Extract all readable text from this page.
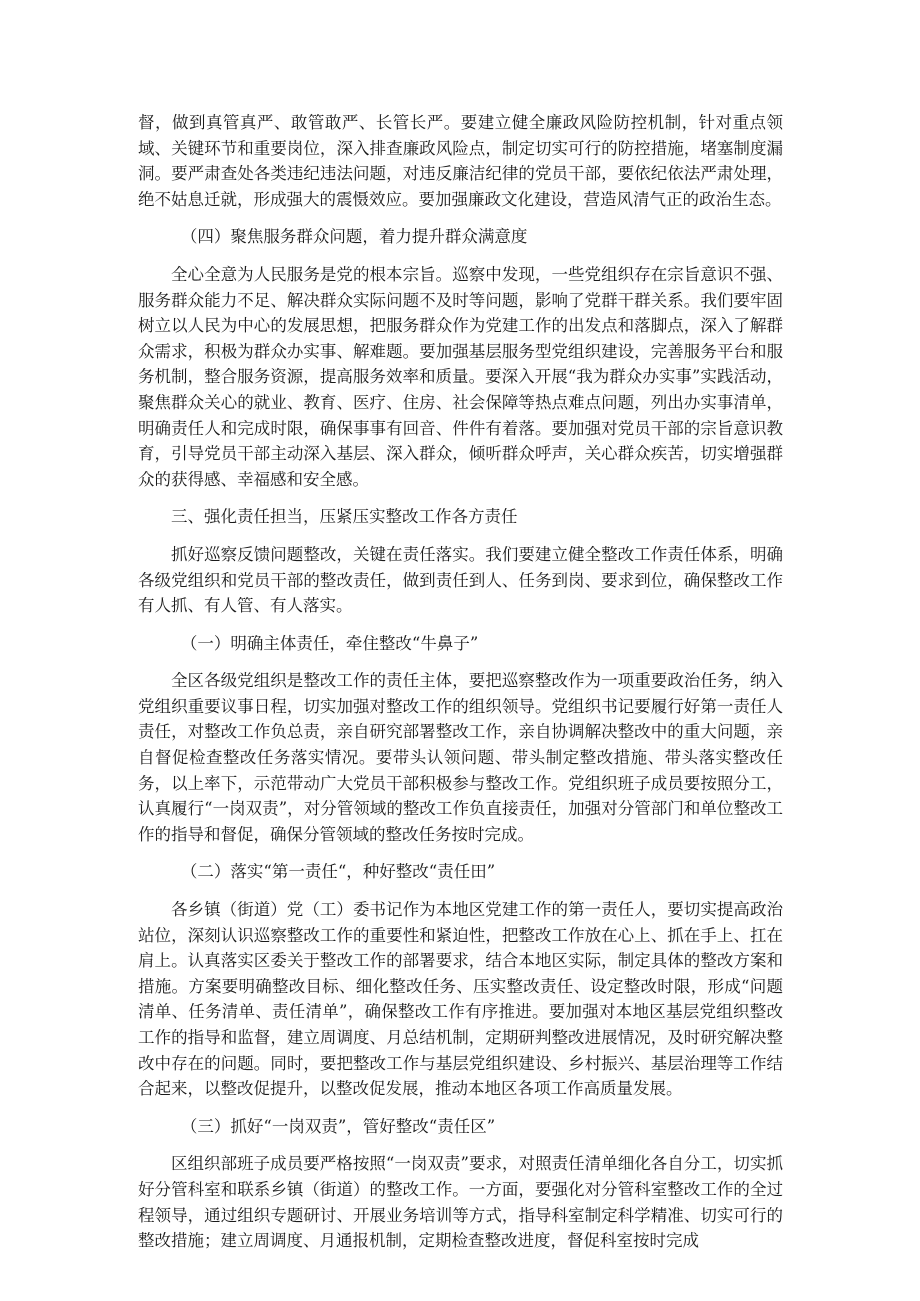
督，做到真管真严、敢管敢严、长管长严。要建立健全廉政风险防控机制，针对重点领域、关键环节和重要岗位，深入排查廉政风险点，制定切实可行的防控措施，堵塞制度漏洞。要严肃查处各类违纪违法问题，对违反廉洁纪律的党员干部，要依纪依法严肃处理，绝不姑息迁就，形成强大的震慑效应。要加强廉政文化建设，营造风清气正的政治生态。

（四）聚焦服务群众问题，着力提升群众满意度

全心全意为人民服务是党的根本宗旨。巡察中发现，一些党组织存在宗旨意识不强、服务群众能力不足、解决群众实际问题不及时等问题，影响了党群干群关系。我们要牢固树立以人民为中心的发展思想，把服务群众作为党建工作的出发点和落脚点，深入了解群众需求，积极为群众办实事、解难题。要加强基层服务型党组织建设，完善服务平台和服务机制，整合服务资源，提高服务效率和质量。要深入开展“我为群众办实事”实践活动，聚焦群众关心的就业、教育、医疗、住房、社会保障等热点难点问题，列出办实事清单，明确责任人和完成时限，确保事事有回音、件件有着落。要加强对党员干部的宗旨意识教育，引导党员干部主动深入基层、深入群众，倾听群众呼声，关心群众疾苦，切实增强群众的获得感、幸福感和安全感。

三、强化责任担当，压紧压实整改工作各方责任

抓好巡察反馈问题整改，关键在责任落实。我们要建立健全整改工作责任体系，明确各级党组织和党员干部的整改责任，做到责任到人、任务到岗、要求到位，确保整改工作有人抓、有人管、有人落实。

（一）明确主体责任，牵住整改“牛鼻子”

全区各级党组织是整改工作的责任主体，要把巡察整改作为一项重要政治任务，纳入党组织重要议事日程，切实加强对整改工作的组织领导。党组织书记要履行好第一责任人责任，对整改工作负总责，亲自研究部署整改工作，亲自协调解决整改中的重大问题，亲自督促检查整改任务落实情况。要带头认领问题、带头制定整改措施、带头落实整改任务，以上率下，示范带动广大党员干部积极参与整改工作。党组织班子成员要按照分工，认真履行“一岗双责”，对分管领域的整改工作负直接责任，加强对分管部门和单位整改工作的指导和督促，确保分管领域的整改任务按时完成。

（二）落实“第一责任“，种好整改“责任田”

各乡镇（街道）党（工）委书记作为本地区党建工作的第一责任人，要切实提高政治站位，深刻认识巡察整改工作的重要性和紧迫性，把整改工作放在心上、抓在手上、扛在肩上。认真落实区委关于整改工作的部署要求，结合本地区实际，制定具体的整改方案和措施。方案要明确整改目标、细化整改任务、压实整改责任、设定整改时限，形成“问题清单、任务清单、责任清单”，确保整改工作有序推进。要加强对本地区基层党组织整改工作的指导和监督，建立周调度、月总结机制，定期研判整改进展情况，及时研究解决整改中存在的问题。同时，要把整改工作与基层党组织建设、乡村振兴、基层治理等工作结合起来，以整改促提升，以整改促发展，推动本地区各项工作高质量发展。

（三）抓好“一岗双责”，管好整改“责任区”

区组织部班子成员要严格按照“一岗双责”要求，对照责任清单细化各自分工，切实抓好分管科室和联系乡镇（街道）的整改工作。一方面，要强化对分管科室整改工作的全过程领导，通过组织专题研讨、开展业务培训等方式，指导科室制定科学精准、切实可行的整改措施；建立周调度、月通报机制，定期检查整改进度，督促科室按时完成
